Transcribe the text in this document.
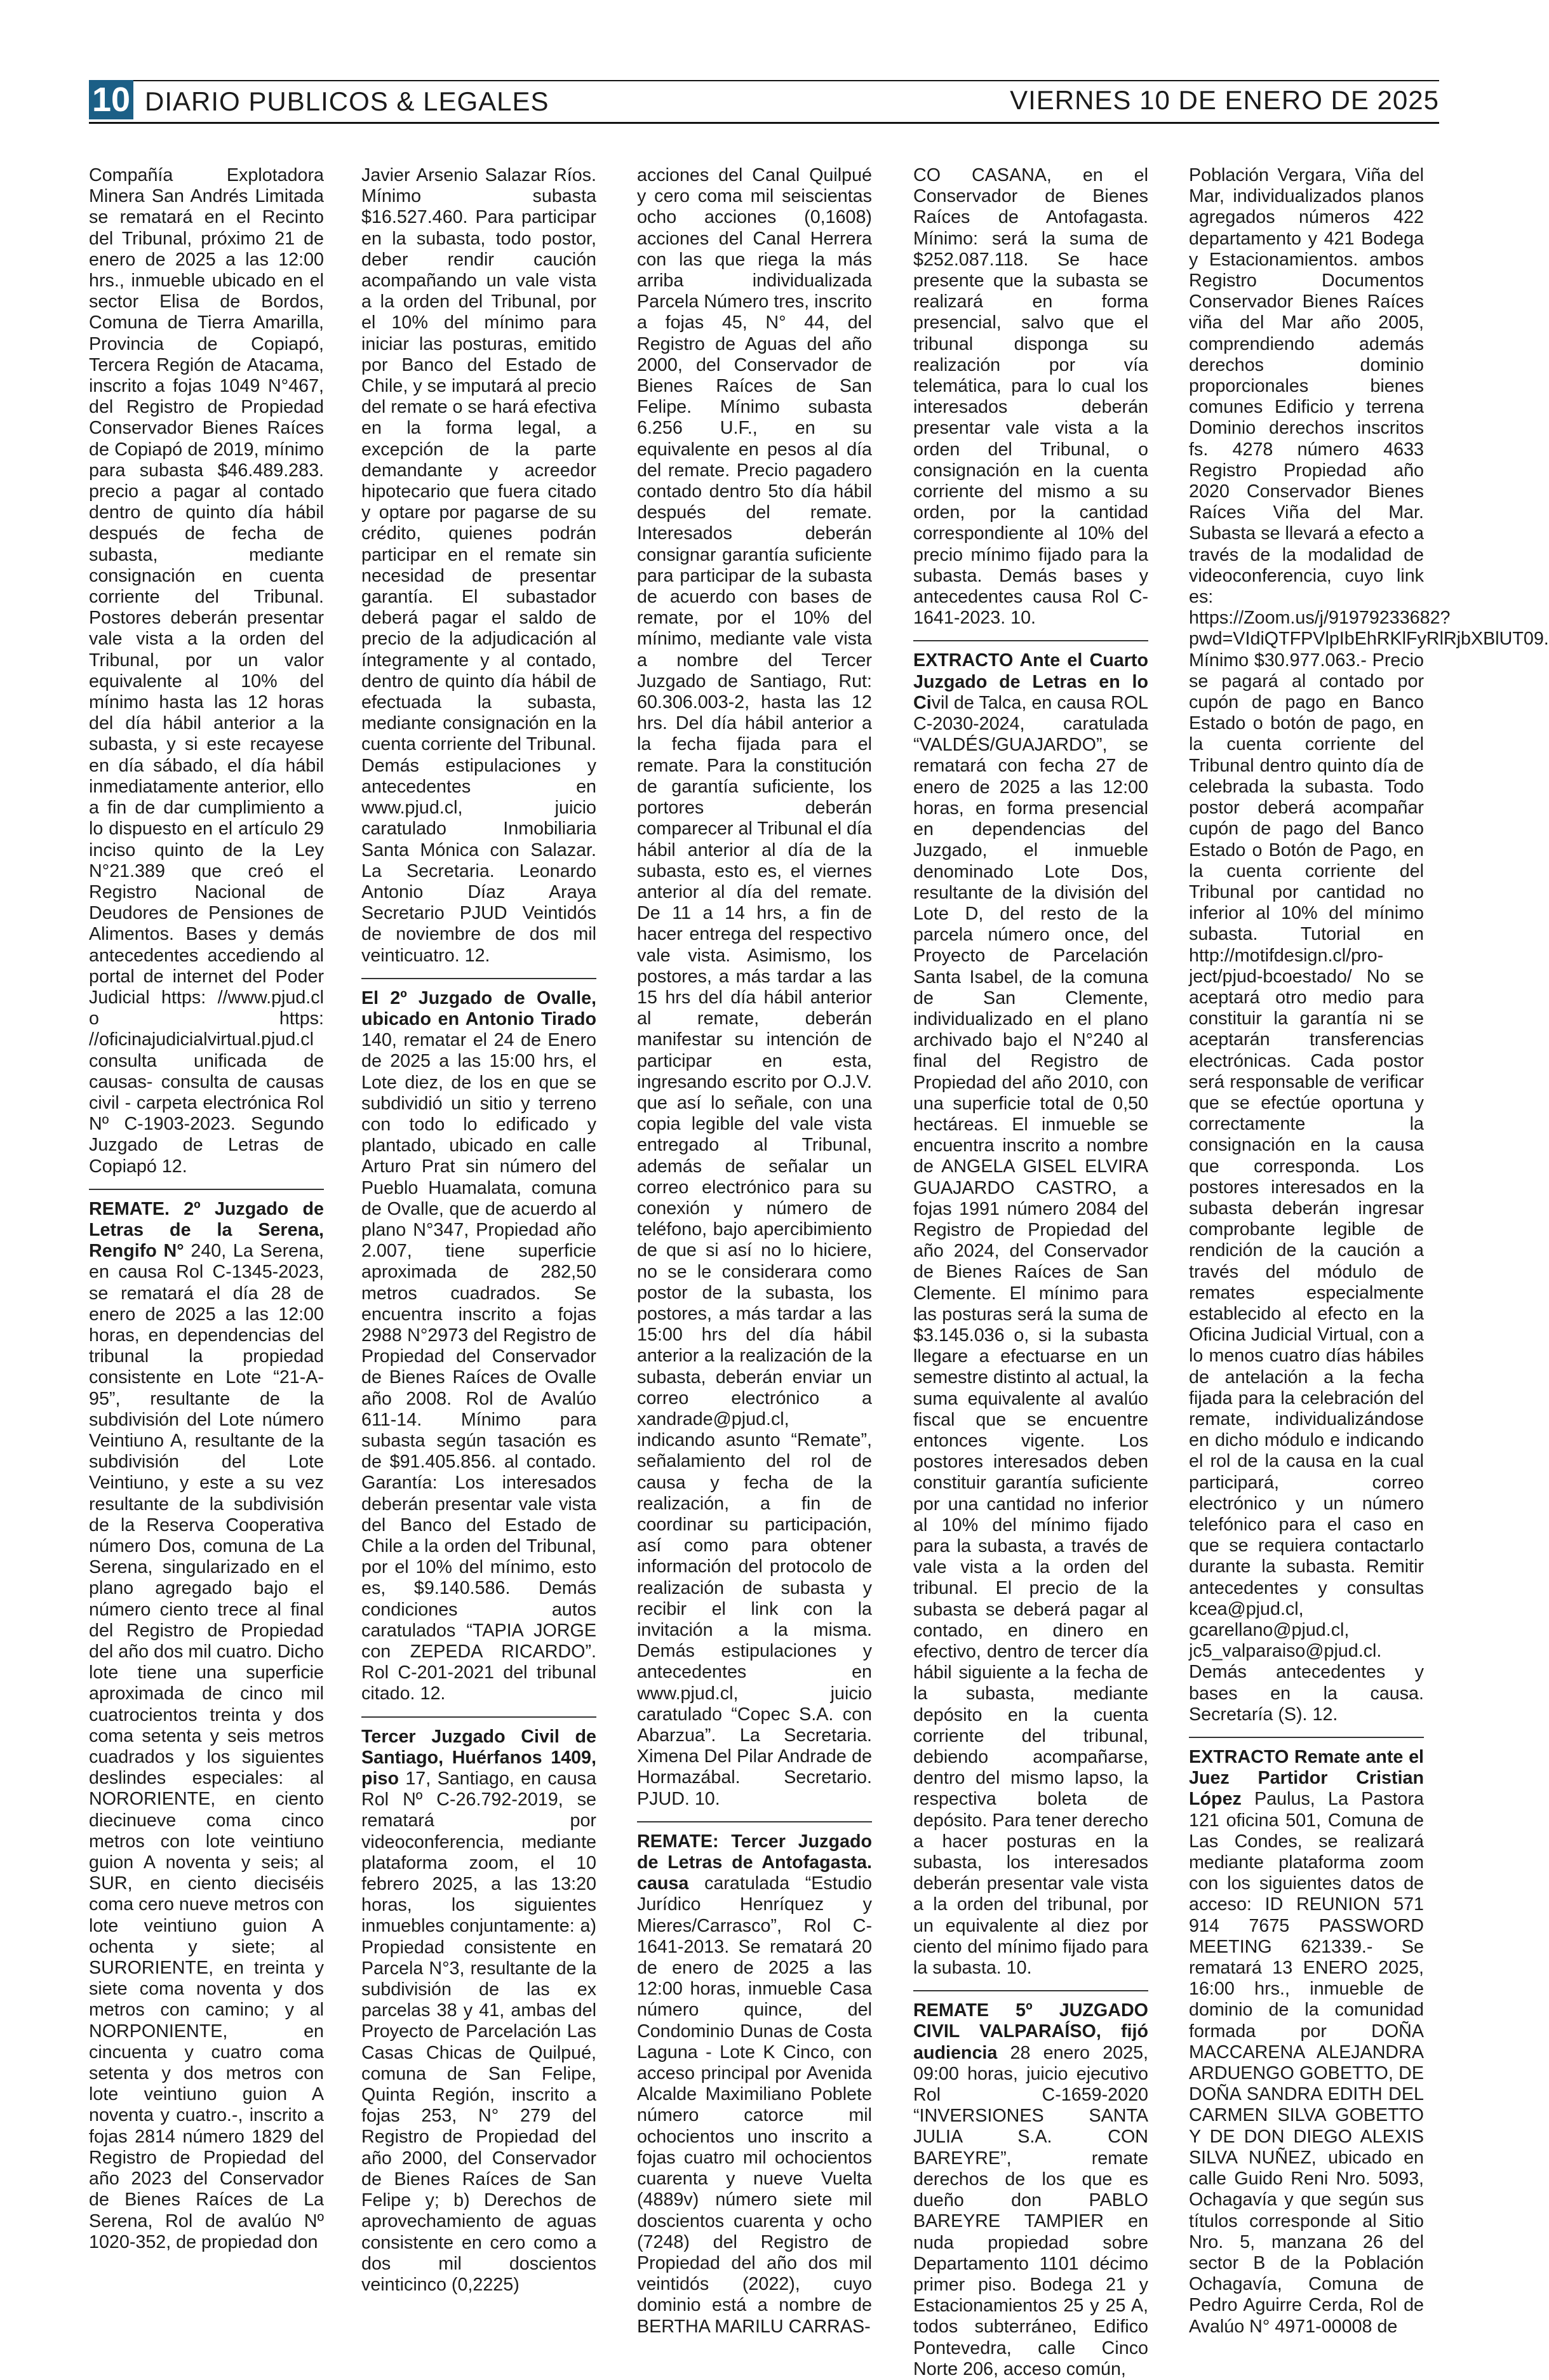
10 DIARIO PUBLICOS & LEGALES	VIERNES 10 DE ENERO DE 2025

Compañía Explotadora Minera San Andrés Limitada se rematará en el Recinto del Tribunal, próximo 21 de enero de 2025 a las 12:00 hrs., inmueble ubicado en el sector Elisa de Bordos, Comuna de Tierra Amarilla, Provincia de Copiapó, Tercera Región de Atacama, inscrito a fojas 1049 N°467, del Registro de Propiedad Conservador Bienes Raíces de Copiapó de 2019, mínimo para subasta $46.489.283. precio a pagar al contado dentro de quinto día hábil después de fecha de subasta, mediante consignación en cuenta corriente del Tribunal. Postores deberán presentar vale vista a la orden del Tribunal, por un valor equivalente al 10% del mínimo hasta las 12 horas del día hábil anterior a la subasta, y si este recayese en día sábado, el día hábil inmediatamente anterior, ello a fin de dar cumplimiento a lo dispuesto en el artículo 29 inciso quinto de la Ley N°21.389 que creó el Registro Nacional de Deudores de Pensiones de Alimentos. Bases y demás antecedentes accediendo al portal de internet del Poder Judicial https: //www.pjud.cl o https: //oficinajudicialvirtual.pjud.cl consulta unificada de causas- consulta de causas civil - carpeta electrónica Rol Nº C-1903-2023. Segundo Juzgado de Letras de Copiapó 12.

REMATE. 2º Juzgado de Letras de la Serena, Rengifo N° 240, La Serena, en causa Rol C-1345-2023, se rematará el día 28 de enero de 2025 a las 12:00 horas, en dependencias del tribunal la propiedad consistente en Lote “21-A-95”, resultante de la subdivisión del Lote número Veintiuno A, resultante de la subdivisión del Lote Veintiuno, y este a su vez resultante de la subdivisión de la Reserva Cooperativa número Dos, comuna de La Serena, singularizado en el plano agregado bajo el número ciento trece al final del Registro de Propiedad del año dos mil cuatro. Dicho lote tiene una superficie aproximada de cinco mil cuatrocientos treinta y dos coma setenta y seis metros cuadrados y los siguientes deslindes especiales: al NORORIENTE, en ciento diecinueve coma cinco metros con lote veintiuno guion A noventa y seis; al SUR, en ciento dieciséis coma cero nueve metros con lote veintiuno guion A ochenta y siete; al SURORIENTE, en treinta y siete coma noventa y dos metros con camino; y al NORPONIENTE, en cincuenta y cuatro coma setenta y dos metros con lote veintiuno guion A noventa y cuatro.-, inscrito a fojas 2814 número 1829 del Registro de Propiedad del año 2023 del Conservador de Bienes Raíces de La Serena, Rol de avalúo Nº 1020-352, de propiedad don

Javier Arsenio Salazar Ríos. Mínimo subasta $16.527.460. Para participar en la subasta, todo postor, deber rendir caución acompañando un vale vista a la orden del Tribunal, por el 10% del mínimo para iniciar las posturas, emitido por Banco del Estado de Chile, y se imputará al precio del remate o se hará efectiva en la forma legal, a excepción de la parte demandante y acreedor hipotecario que fuera citado y optare por pagarse de su crédito, quienes podrán participar en el remate sin necesidad de presentar garantía. El subastador deberá pagar el saldo de precio de la adjudicación al íntegramente y al contado, dentro de quinto día hábil de efectuada la subasta, mediante consignación en la cuenta corriente del Tribunal. Demás estipulaciones y antecedentes en www.pjud.cl, juicio caratulado Inmobiliaria Santa Mónica con Salazar. La Secretaria. Leonardo Antonio Díaz Araya Secretario PJUD Veintidós de noviembre de dos mil veinticuatro. 12.

El 2º Juzgado de Ovalle, ubicado en Antonio Tirado 140, rematar el 24 de Enero de 2025 a las 15:00 hrs, el Lote diez, de los en que se subdividió un sitio y terreno con todo lo edificado y plantado, ubicado en calle Arturo Prat sin número del Pueblo Huamalata, comuna de Ovalle, que de acuerdo al plano N°347, Propiedad año 2.007, tiene superficie aproximada de 282,50 metros cuadrados. Se encuentra inscrito a fojas 2988 N°2973 del Registro de Propiedad del Conservador de Bienes Raíces de Ovalle año 2008. Rol de Avalúo 611-14. Mínimo para subasta según tasación es de $91.405.856. al contado. Garantía: Los interesados deberán presentar vale vista del Banco del Estado de Chile a la orden del Tribunal, por el 10% del mínimo, esto es, $9.140.586. Demás condiciones autos caratulados “TAPIA JORGE con ZEPEDA RICARDO”. Rol C-201-2021 del tribunal citado. 12.

Tercer Juzgado Civil de Santiago, Huérfanos 1409, piso 17, Santiago, en causa Rol Nº C-26.792-2019, se rematará por videoconferencia, mediante plataforma zoom, el 10 febrero 2025, a las 13:20 horas, los siguientes inmuebles conjuntamente: a) Propiedad consistente en Parcela N°3, resultante de la subdivisión de las ex parcelas 38 y 41, ambas del Proyecto de Parcelación Las Casas Chicas de Quilpué, comuna de San Felipe, Quinta Región, inscrito a fojas 253, N° 279 del Registro de Propiedad del año 2000, del Conservador de Bienes Raíces de San Felipe y; b) Derechos de aprovechamiento de aguas consistente en cero como a dos mil doscientos veinticinco (0,2225)

acciones del Canal Quilpué y cero coma mil seiscientas ocho acciones (0,1608) acciones del Canal Herrera con las que riega la más arriba individualizada Parcela Número tres, inscrito a fojas 45, N° 44, del Registro de Aguas del año 2000, del Conservador de Bienes Raíces de San Felipe. Mínimo subasta 6.256 U.F., en su equivalente en pesos al día del remate. Precio pagadero contado dentro 5to día hábil después del remate. Interesados deberán consignar garantía suficiente para participar de la subasta de acuerdo con bases de remate, por el 10% del mínimo, mediante vale vista a nombre del Tercer Juzgado de Santiago, Rut: 60.306.003-2, hasta las 12 hrs. Del día hábil anterior a la fecha fijada para el remate. Para la constitución de garantía suficiente, los portores deberán comparecer al Tribunal el día hábil anterior al día de la subasta, esto es, el viernes anterior al día del remate. De 11 a 14 hrs, a fin de hacer entrega del respectivo vale vista. Asimismo, los postores, a más tardar a las 15 hrs del día hábil anterior al remate, deberán manifestar su intención de participar en esta, ingresando escrito por O.J.V. que así lo señale, con una copia legible del vale vista entregado al Tribunal, además de señalar un correo electrónico para su conexión y número de teléfono, bajo apercibimiento de que si así no lo hiciere, no se le considerara como postor de la subasta, los postores, a más tardar a las 15:00 hrs del día hábil anterior a la realización de la subasta, deberán enviar un correo electrónico a xandrade@pjud.cl, indicando asunto “Remate”, señalamiento del rol de causa y fecha de la realización, a fin de coordinar su participación, así como para obtener información del protocolo de realización de subasta y recibir el link con la invitación a la misma. Demás estipulaciones y antecedentes en www.pjud.cl, juicio caratulado “Copec S.A. con Abarzua”. La Secretaria. Ximena Del Pilar Andrade de Hormazábal. Secretario. PJUD. 10.

REMATE: Tercer Juzgado de Letras de Antofagasta. causa caratulada “Estudio Jurídico Henríquez y Mieres/Carrasco”, Rol C-1641-2013. Se rematará 20 de enero de 2025 a las 12:00 horas, inmueble Casa número quince, del Condominio Dunas de Costa Laguna - Lote K Cinco, con acceso principal por Avenida Alcalde Maximiliano Poblete número catorce mil ochocientos uno inscrito a fojas cuatro mil ochocientos cuarenta y nueve Vuelta (4889v) número siete mil doscientos cuarenta y ocho (7248) del Registro de Propiedad del año dos mil veintidós (2022), cuyo dominio está a nombre de BERTHA MARILU CARRAS-

CO CASANA, en el Conservador de Bienes Raíces de Antofagasta. Mínimo: será la suma de $252.087.118. Se hace presente que la subasta se realizará en forma presencial, salvo que el tribunal disponga su realización por vía telemática, para lo cual los interesados deberán presentar vale vista a la orden del Tribunal, o consignación en la cuenta corriente del mismo a su orden, por la cantidad correspondiente al 10% del precio mínimo fijado para la subasta. Demás bases y antecedentes causa Rol C-1641-2023. 10.

EXTRACTO Ante el Cuarto Juzgado de Letras en lo Civil de Talca, en causa ROL C-2030-2024, caratulada “VALDÉS/GUAJARDO”, se rematará con fecha 27 de enero de 2025 a las 12:00 horas, en forma presencial en dependencias del Juzgado, el inmueble denominado Lote Dos, resultante de la división del Lote D, del resto de la parcela número once, del Proyecto de Parcelación Santa Isabel, de la comuna de San Clemente, individualizado en el plano archivado bajo el N°240 al final del Registro de Propiedad del año 2010, con una superficie total de 0,50 hectáreas. El inmueble se encuentra inscrito a nombre de ANGELA GISEL ELVIRA GUAJARDO CASTRO, a fojas 1991 número 2084 del Registro de Propiedad del año 2024, del Conservador de Bienes Raíces de San Clemente. El mínimo para las posturas será la suma de $3.145.036 o, si la subasta llegare a efectuarse en un semestre distinto al actual, la suma equivalente al avalúo fiscal que se encuentre entonces vigente. Los postores interesados deben constituir garantía suficiente por una cantidad no inferior al 10% del mínimo fijado para la subasta, a través de vale vista a la orden del tribunal. El precio de la subasta se deberá pagar al contado, en dinero en efectivo, dentro de tercer día hábil siguiente a la fecha de la subasta, mediante depósito en la cuenta corriente del tribunal, debiendo acompañarse, dentro del mismo lapso, la respectiva boleta de depósito. Para tener derecho a hacer posturas en la subasta, los interesados deberán presentar vale vista a la orden del tribunal, por un equivalente al diez por ciento del mínimo fijado para la subasta. 10.

REMATE 5º JUZGADO CIVIL VALPARAÍSO, fijó audiencia 28 enero 2025, 09:00 horas, juicio ejecutivo Rol C-1659-2020 “INVERSIONES SANTA JULIA S.A. CON BAREYRE”, remate derechos de los que es dueño don PABLO BAREYRE TAMPIER en nuda propiedad sobre Departamento 1101 décimo primer piso. Bodega 21 y Estacionamientos 25 y 25 A, todos subterráneo, Edifico Pontevedra, calle Cinco Norte 206, acceso común,

Población Vergara, Viña del Mar, individualizados planos agregados números 422 departamento y 421 Bodega y Estacionamientos. ambos Registro Documentos Conservador Bienes Raíces viña del Mar año 2005, comprendiendo además derechos dominio proporcionales bienes comunes Edificio y terrena Dominio derechos inscritos fs. 4278 número 4633 Registro Propiedad año 2020 Conservador Bienes Raíces Viña del Mar. Subasta se llevará a efecto a través de la modalidad de videoconferencia, cuyo link es: https://Zoom.us/j/91979233682?pwd=VIdiQTFPVlpIbEhRKlFyRlRjbXBlUT09. Mínimo $30.977.063.- Precio se pagará al contado por cupón de pago en Banco Estado o botón de pago, en la cuenta corriente del Tribunal dentro quinto día de celebrada la subasta. Todo postor deberá acompañar cupón de pago del Banco Estado o Botón de Pago, en la cuenta corriente del Tribunal por cantidad no inferior al 10% del mínimo subasta. Tutorial en http://motifdesign.cl/pro-ject/pjud-bcoestado/ No se aceptará otro medio para constituir la garantía ni se aceptarán transferencias electrónicas. Cada postor será responsable de verificar que se efectúe oportuna y correctamente la consignación en la causa que corresponda. Los postores interesados en la subasta deberán ingresar comprobante legible de rendición de la caución a través del módulo de remates especialmente establecido al efecto en la Oficina Judicial Virtual, con a lo menos cuatro días hábiles de antelación a la fecha fijada para la celebración del remate, individualizándose en dicho módulo e indicando el rol de la causa en la cual participará, correo electrónico y un número telefónico para el caso en que se requiera contactarlo durante la subasta. Remitir antecedentes y consultas kcea@pjud.cl, gcarellano@pjud.cl, jc5_valparaiso@pjud.cl. Demás antecedentes y bases en la causa. Secretaría (S). 12.

EXTRACTO Remate ante el Juez Partidor Cristian López Paulus, La Pastora 121 oficina 501, Comuna de Las Condes, se realizará mediante plataforma zoom con los siguientes datos de acceso: ID REUNION 571 914 7675 PASSWORD MEETING 621339.- Se rematará 13 ENERO 2025, 16:00 hrs., inmueble de dominio de la comunidad formada por DOÑA MACCARENA ALEJANDRA ARDUENGO GOBETTO, DE DOÑA SANDRA EDITH DEL CARMEN SILVA GOBETTO Y DE DON DIEGO ALEXIS SILVA NUÑEZ, ubicado en calle Guido Reni Nro. 5093, Ochagavía y que según sus títulos corresponde al Sitio Nro. 5, manzana 26 del sector B de la Población Ochagavía, Comuna de Pedro Aguirre Cerda, Rol de Avalúo N° 4971-00008 de
